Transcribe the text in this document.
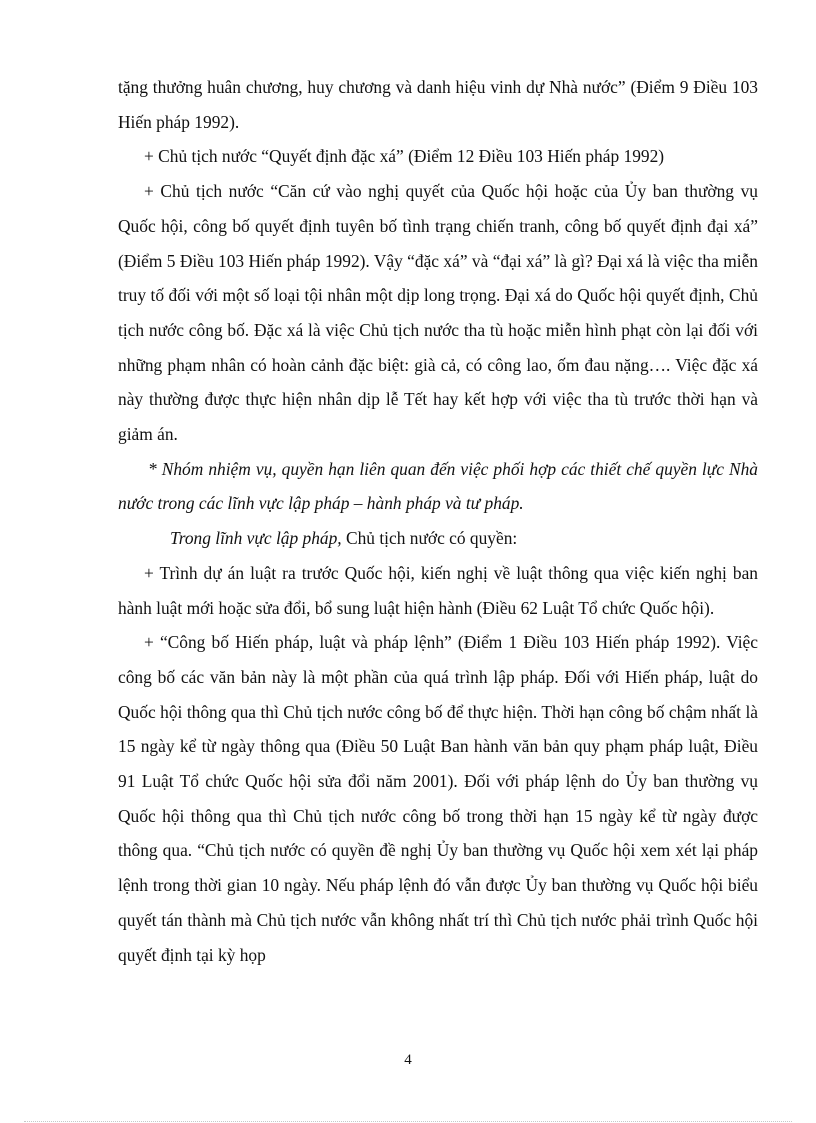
tặng thưởng huân chương, huy chương và danh hiệu vinh dự Nhà nước” (Điểm 9 Điều 103 Hiến pháp 1992).

+ Chủ tịch nước “Quyết định đặc xá” (Điểm 12 Điều 103 Hiến pháp 1992)

+ Chủ tịch nước “Căn cứ vào nghị quyết của Quốc hội hoặc của Ủy ban thường vụ Quốc hội, công bố quyết định tuyên bố tình trạng chiến tranh, công bố quyết định đại xá” (Điểm 5 Điều 103 Hiến pháp 1992). Vậy “đặc xá” và “đại xá” là gì? Đại xá là việc tha miễn truy tố đối với một số loại tội nhân một dịp long trọng. Đại xá do Quốc hội quyết định, Chủ tịch nước công bố. Đặc xá là việc Chủ tịch nước tha tù hoặc miễn hình phạt còn lại đối với những phạm nhân có hoàn cảnh đặc biệt: già cả, có công lao, ốm đau nặng…. Việc đặc xá này thường được thực hiện nhân dịp lễ Tết hay kết hợp với việc tha tù trước thời hạn và giảm án.

* Nhóm nhiệm vụ, quyền hạn liên quan đến việc phối hợp các thiết chế quyền lực Nhà nước trong các lĩnh vực lập pháp – hành pháp và tư pháp.

Trong lĩnh vực lập pháp, Chủ tịch nước có quyền:

+ Trình dự án luật ra trước Quốc hội, kiến nghị về luật thông qua việc kiến nghị ban hành luật mới hoặc sửa đổi, bổ sung luật hiện hành (Điều 62 Luật Tổ chức Quốc hội).

+ “Công bố Hiến pháp, luật và pháp lệnh” (Điểm 1 Điều 103 Hiến pháp 1992). Việc công bố các văn bản này là một phần của quá trình lập pháp. Đối với Hiến pháp, luật do Quốc hội thông qua thì Chủ tịch nước công bố để thực hiện. Thời hạn công bố chậm nhất là 15 ngày kể từ ngày thông qua (Điều 50 Luật Ban hành văn bản quy phạm pháp luật, Điều 91 Luật Tổ chức Quốc hội sửa đổi năm 2001). Đối với pháp lệnh do Ủy ban thường vụ Quốc hội thông qua thì Chủ tịch nước công bố trong thời hạn 15 ngày kể từ ngày được thông qua. “Chủ tịch nước có quyền đề nghị Ủy ban thường vụ Quốc hội xem xét lại pháp lệnh trong thời gian 10 ngày. Nếu pháp lệnh đó vẫn được Ủy ban thường vụ Quốc hội biểu quyết tán thành mà Chủ tịch nước vẫn không nhất trí thì Chủ tịch nước phải trình Quốc hội quyết định tại kỳ họp

4
